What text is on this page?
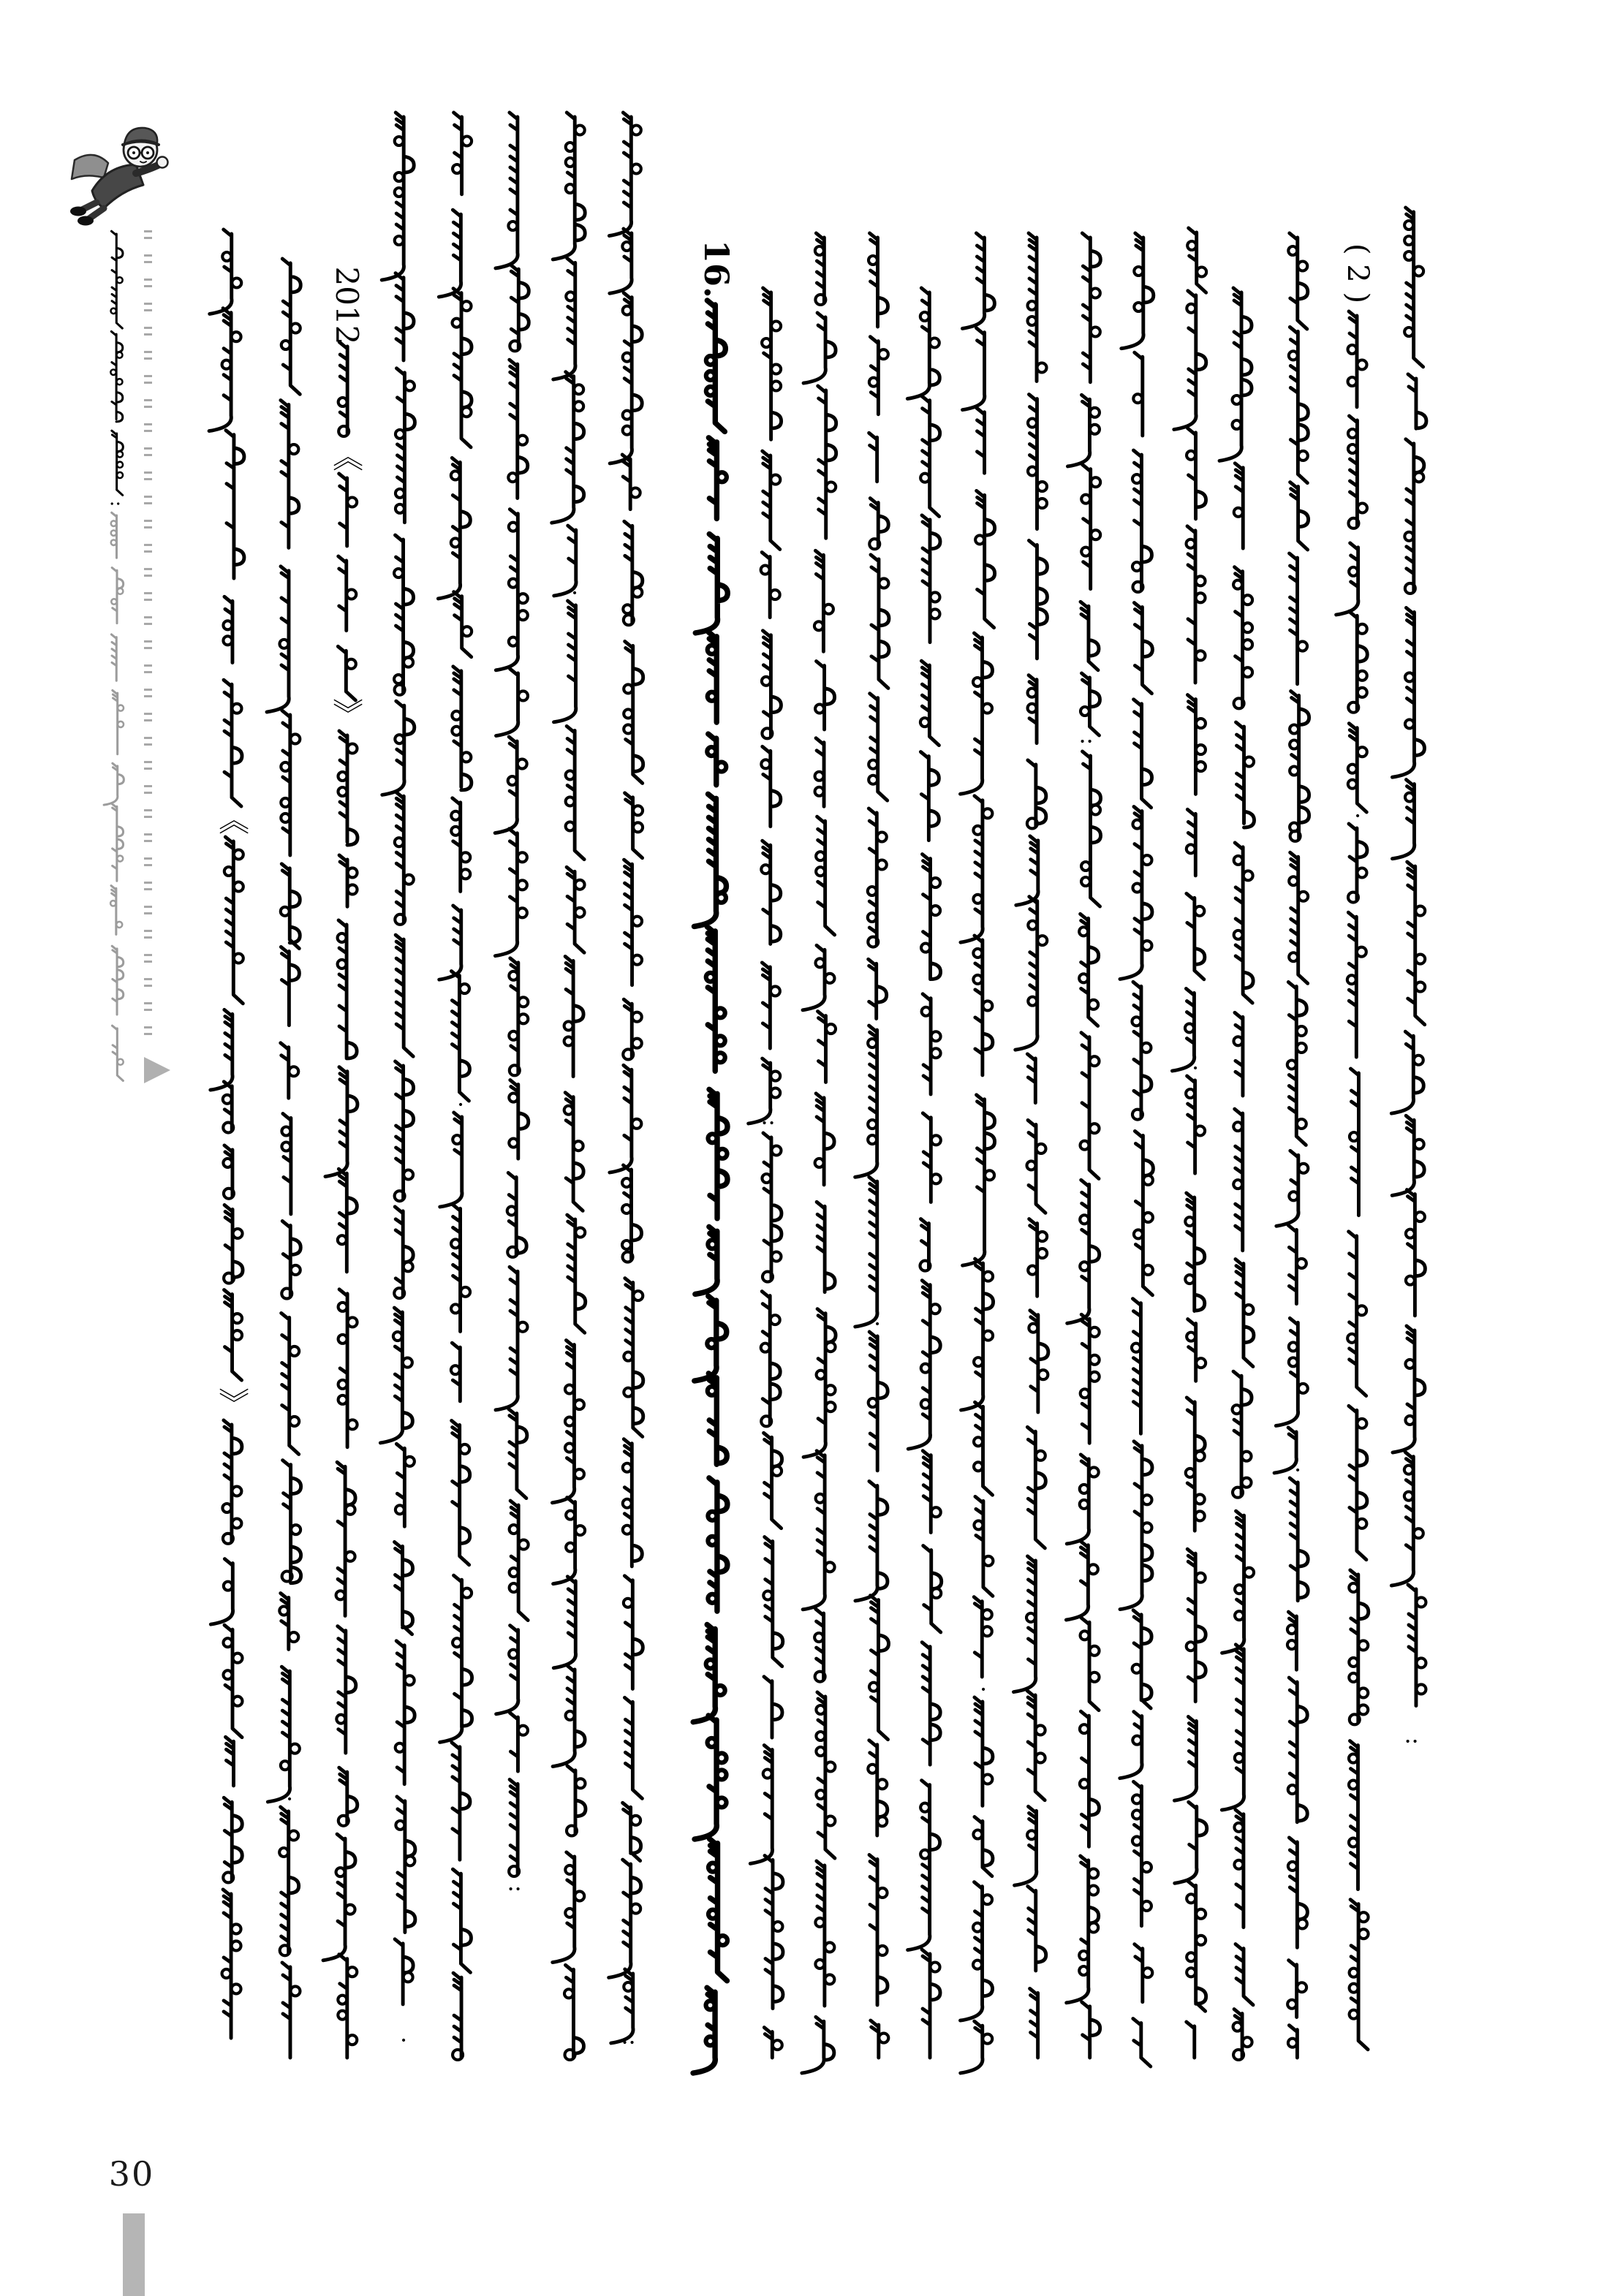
:
《
》
·
2012
《
》
·
·
:
·
:
16.
:
·
·
:
·
·
( 2 )
·
:
30
